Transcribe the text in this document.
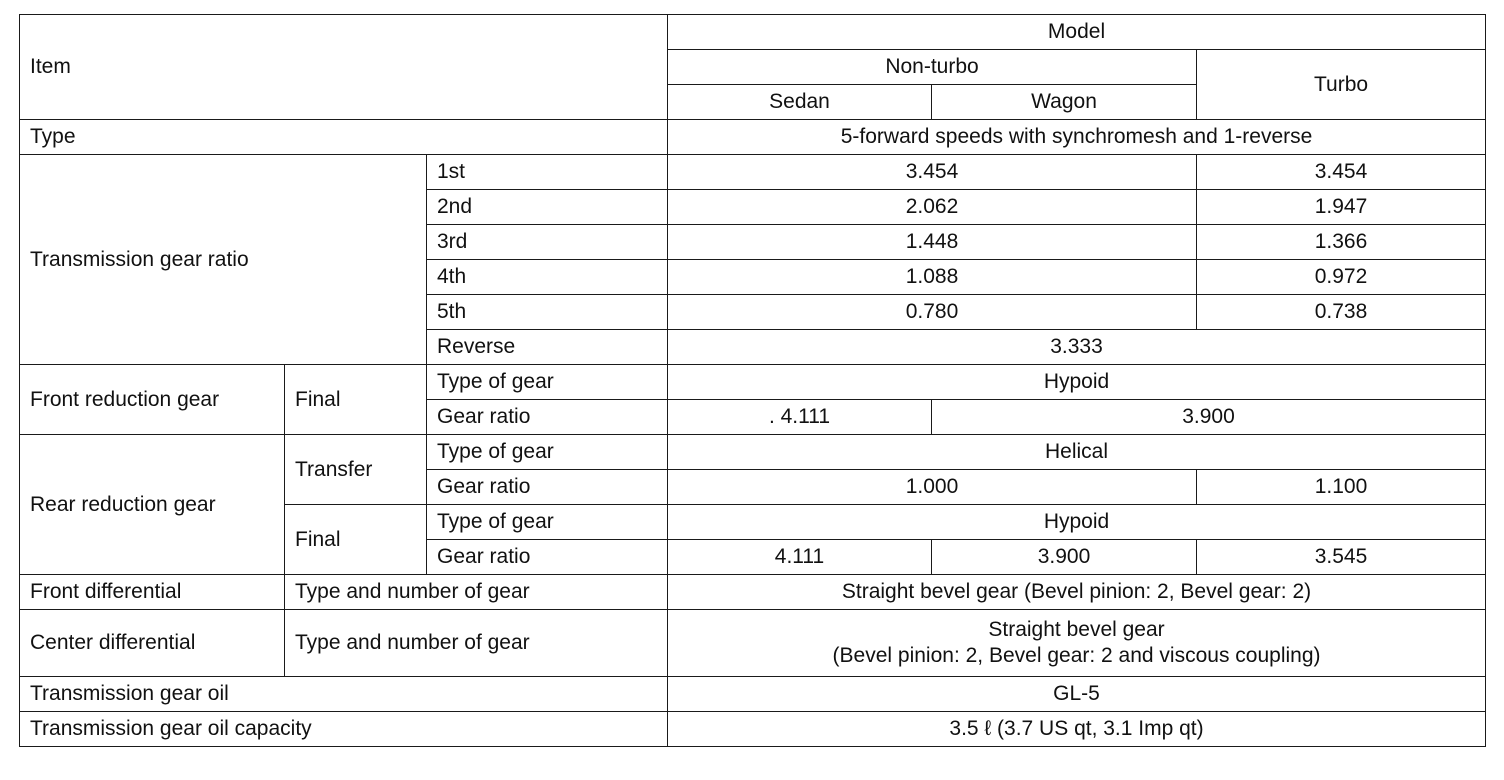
Item			Model		
			Non-turbo		Turbo
			Sedan	Wagon	
Type			5-forward speeds with synchromesh and 1-reverse		
Transmission gear ratio		1st	3.454		3.454
		2nd	2.062		1.947
		3rd	1.448		1.366
		4th	1.088		0.972
		5th	0.780		0.738
		Reverse	3.333		
Front reduction gear	Final	Type of gear	Hypoid		
		Gear ratio	. 4.111	3.900	
Rear reduction gear	Transfer	Type of gear	Helical		
		Gear ratio	1.000		1.100
	Final	Type of gear	Hypoid		
		Gear ratio	4.111	3.900	3.545
Front differential	Type and number of gear		Straight bevel gear (Bevel pinion: 2, Bevel gear: 2)		
Center differential	Type and number of gear		Straight bevel gear
(Bevel pinion: 2, Bevel gear: 2 and viscous coupling)		

Transmission gear oil			GL-5		
Transmission gear oil capacity			3.5 ℓ (3.7 US qt, 3.1 Imp qt)		
